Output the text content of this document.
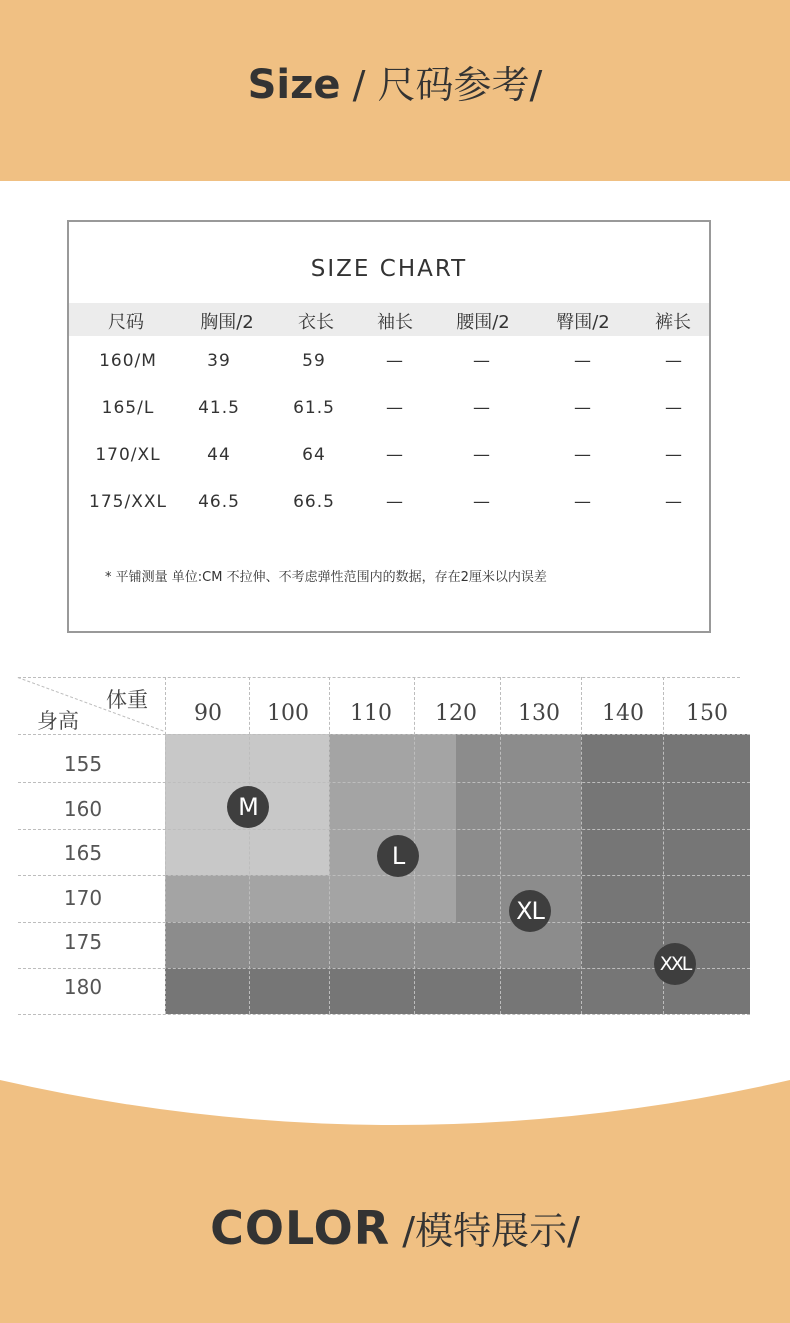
Size / 尺码参考/
SIZE CHART
尺码	胸围/2 衣长 袖长 腰围/2	臀围/2	裤长
160/M	39	59	—	—	—	—
165/L	41.5	61.5	—	—	—	—
170/XL	44	64	—	—	—	—
175/XXL 46.5	66.5	—	—	—	—
* 平铺测量 单位:CM 不拉伸、不考虑弹性范围内的数据，存在2厘米以内误差
体重
身高	90 100 110 120 130 140 150
155
160
165
170
175
180
M
L
XL
XXL
COLOR /模特展示/
